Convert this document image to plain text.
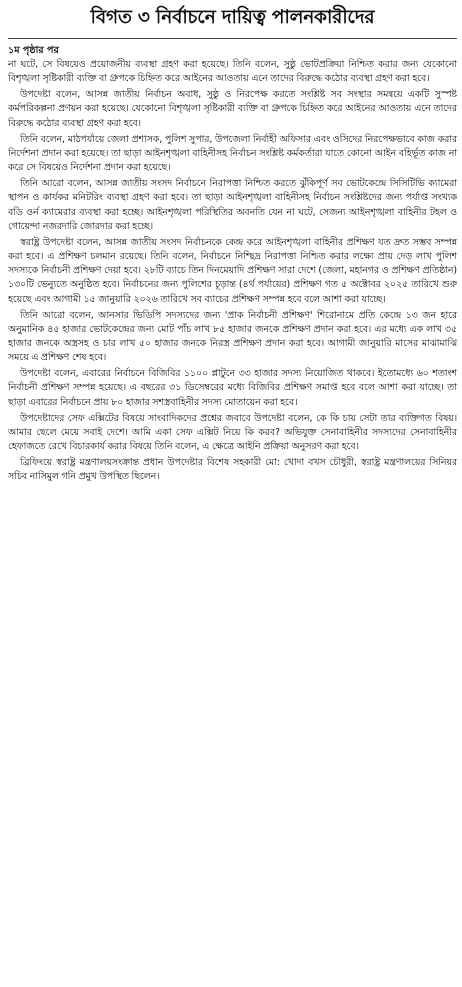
বিগত ৩ নির্বাচনে দায়িত্ব পালনকারীদের
১ম পৃষ্ঠার পর

না ঘটে, সে বিষয়েও প্রয়োজনীয় ব্যবস্থা গ্রহণ করা হয়েছে। তিনি বলেন, সুষ্ঠু ভোটপ্রক্রিয়া নিশ্চিত করার জন্য যেকোনো বিশৃঙ্খলা সৃষ্টিকারী ব্যক্তি বা গ্রুপকে চিহ্নিত করে আইনের আওতায় এনে তাদের বিরুদ্ধে কঠোর ব্যবস্থা গ্রহণ করা হবে।

উপদেষ্টা বলেন, আসন্ন জাতীয় নির্বাচন অবাধ, সুষ্ঠু ও নিরপেক্ষ করতে সংশ্লিষ্ট সব সংস্থার সমন্বয়ে একটি সুস্পষ্ট কর্মপরিকল্পনা প্রণয়ন করা হয়েছে। যেকোনো বিশৃঙ্খলা সৃষ্টিকারী ব্যক্তি বা গ্রুপকে চিহ্নিত করে আইনের আওতায় এনে তাদের বিরুদ্ধে কঠোর ব্যবস্থা গ্রহণ করা হবে।

তিনি বলেন, মাঠপর্যায়ে জেলা প্রশাসক, পুলিশ সুপার, উপজেলা নির্বাহী অফিসার এবং ওসিদের নিরপেক্ষভাবে কাজ করার নির্দেশনা প্রদান করা হয়েছে। তা ছাড়া আইনশৃঙ্খলা বাহিনীসহ নির্বাচন সংশ্লিষ্ট কর্মকর্তারা যাতে কোনো আইন বহির্ভূত কাজ না করে সে বিষয়েও নির্দেশনা প্রদান করা হয়েছে।

তিনি আরো বলেন, আসন্ন জাতীয় সংসদ নির্বাচনে নিরাপত্তা নিশ্চিত করতে ঝুঁকিপূর্ণ সব ভোটকেন্দ্রে সিসিটিভি ক্যামেরা স্থাপন ও কার্যকর মনিটরিং ব্যবস্থা গ্রহণ করা হবে। তা ছাড়া আইনশৃঙ্খলা বাহিনীসহ নির্বাচন সংশ্লিষ্টদের জন্য পর্যাপ্ত সংখ্যক বডি ওর্ন ক্যামেরার ব্যবস্থা করা হচ্ছে। আইনশৃঙ্খলা পরিস্থিতির অবনতি যেন না ঘটে, সেজন্য আইনশৃঙ্খলা বাহিনীর টহল ও গোয়েন্দা নজরদারি জোরদার করা হচ্ছে।

স্বরাষ্ট্র উপদেষ্টা বলেন, আসন্ন জাতীয় সংসদ নির্বাচনকে কেন্দ্র করে আইনশৃঙ্খলা বাহিনীর প্রশিক্ষণ যত দ্রুত সম্ভব সম্পন্ন করা হবে। এ প্রশিক্ষণ চলমান রয়েছে। তিনি বলেন, নির্বাচনে নিশ্ছিদ্র নিরাপত্তা নিশ্চিত করার লক্ষ্যে প্রায় দেড় লাখ পুলিশ সদস্যকে নির্বাচনী প্রশিক্ষণ দেয়া হবে। ২৮টি ব্যাচে তিন দিনমেয়াদি প্রশিক্ষণ সারা দেশে (জেলা, মহানগর ও প্রশিক্ষণ প্রতিষ্ঠান) ১৩০টি ভেন্যুতে অনুষ্ঠিত হবে। নির্বাচনের জন্য পুলিশের চূড়ান্ত (৪র্থ পর্যায়ের) প্রশিক্ষণ গত ৫ অক্টোবর ২০২৫ তারিখে শুরু হয়েছে এবং আগামী ১৫ জানুয়ারি ২০২৬ তারিখে সব ব্যাচের প্রশিক্ষণ সম্পন্ন হবে বলে আশা করা যাচ্ছে।

তিনি আরো বলেন, আনসার ভিডিপি সদস্যদের জন্য 'প্রাক নির্বাচনী প্রশিক্ষণ' শিরোনামে প্রতি কেন্দ্রে ১৩ জন হারে অনুমানিক ৪৫ হাজার ভোটকেন্দ্রের জন্য মোট পাঁচ লাখ ৮৫ হাজার জনকে প্রশিক্ষণ প্রদান করা হবে। এর মধ্যে এক লাখ ৩৫ হাজার জনকে অস্ত্রসহ ও চার লাখ ৫০ হাজার জনকে নিরস্ত্র প্রশিক্ষণ প্রদান করা হবে। আগামী জানুয়ারি মাসের মাঝামাঝি সময়ে এ প্রশিক্ষণ শেষ হবে।

উপদেষ্টা বলেন, এবারের নির্বাচনে বিজিবির ১১০০ প্লাটুনে ৩৩ হাজার সদস্য নিয়োজিত থাকবে। ইতোমধ্যে ৬০ শতাংশ নির্বাচনী প্রশিক্ষণ সম্পন্ন হয়েছে। এ বছরের ৩১ ডিসেম্বরের মধ্যে বিজিবির প্রশিক্ষণ সমাপ্ত হবে বলে আশা করা যাচ্ছে। তা ছাড়া এবারের নির্বাচনে প্রায় ৮০ হাজার সশস্ত্রবাহিনীর সদস্য মোতায়েন করা হবে।

উপদেষ্টাদের সেফ এক্সিটের বিষয়ে সাংবাদিকদের প্রশ্নের জবাবে উপদেষ্টা বলেন, কে কি চায় সেটা তার ব্যক্তিগত বিষয়। আমার ছেলে মেয়ে সবাই দেশে। আমি একা সেফ এক্সিট নিয়ে কি করব? অভিযুক্ত সেনাবাহিনীর সদস্যদের সেনাবাহিনীর হেফাজতে রেখে বিচারকার্য করার বিষয়ে তিনি বলেন, এ ক্ষেত্রে আইনি প্রক্রিয়া অনুসরণ করা হবে।

ব্রিফিংয়ে স্বরাষ্ট্র মন্ত্রণালয়সংক্রান্ত প্রধান উপদেষ্টার বিশেষ সহকারী মো: খোদা বখস চৌধুরী, স্বরাষ্ট্র মন্ত্রণালয়ের সিনিয়র সচিব নাসিমুল গনি প্রমুখ উপস্থিত ছিলেন।
